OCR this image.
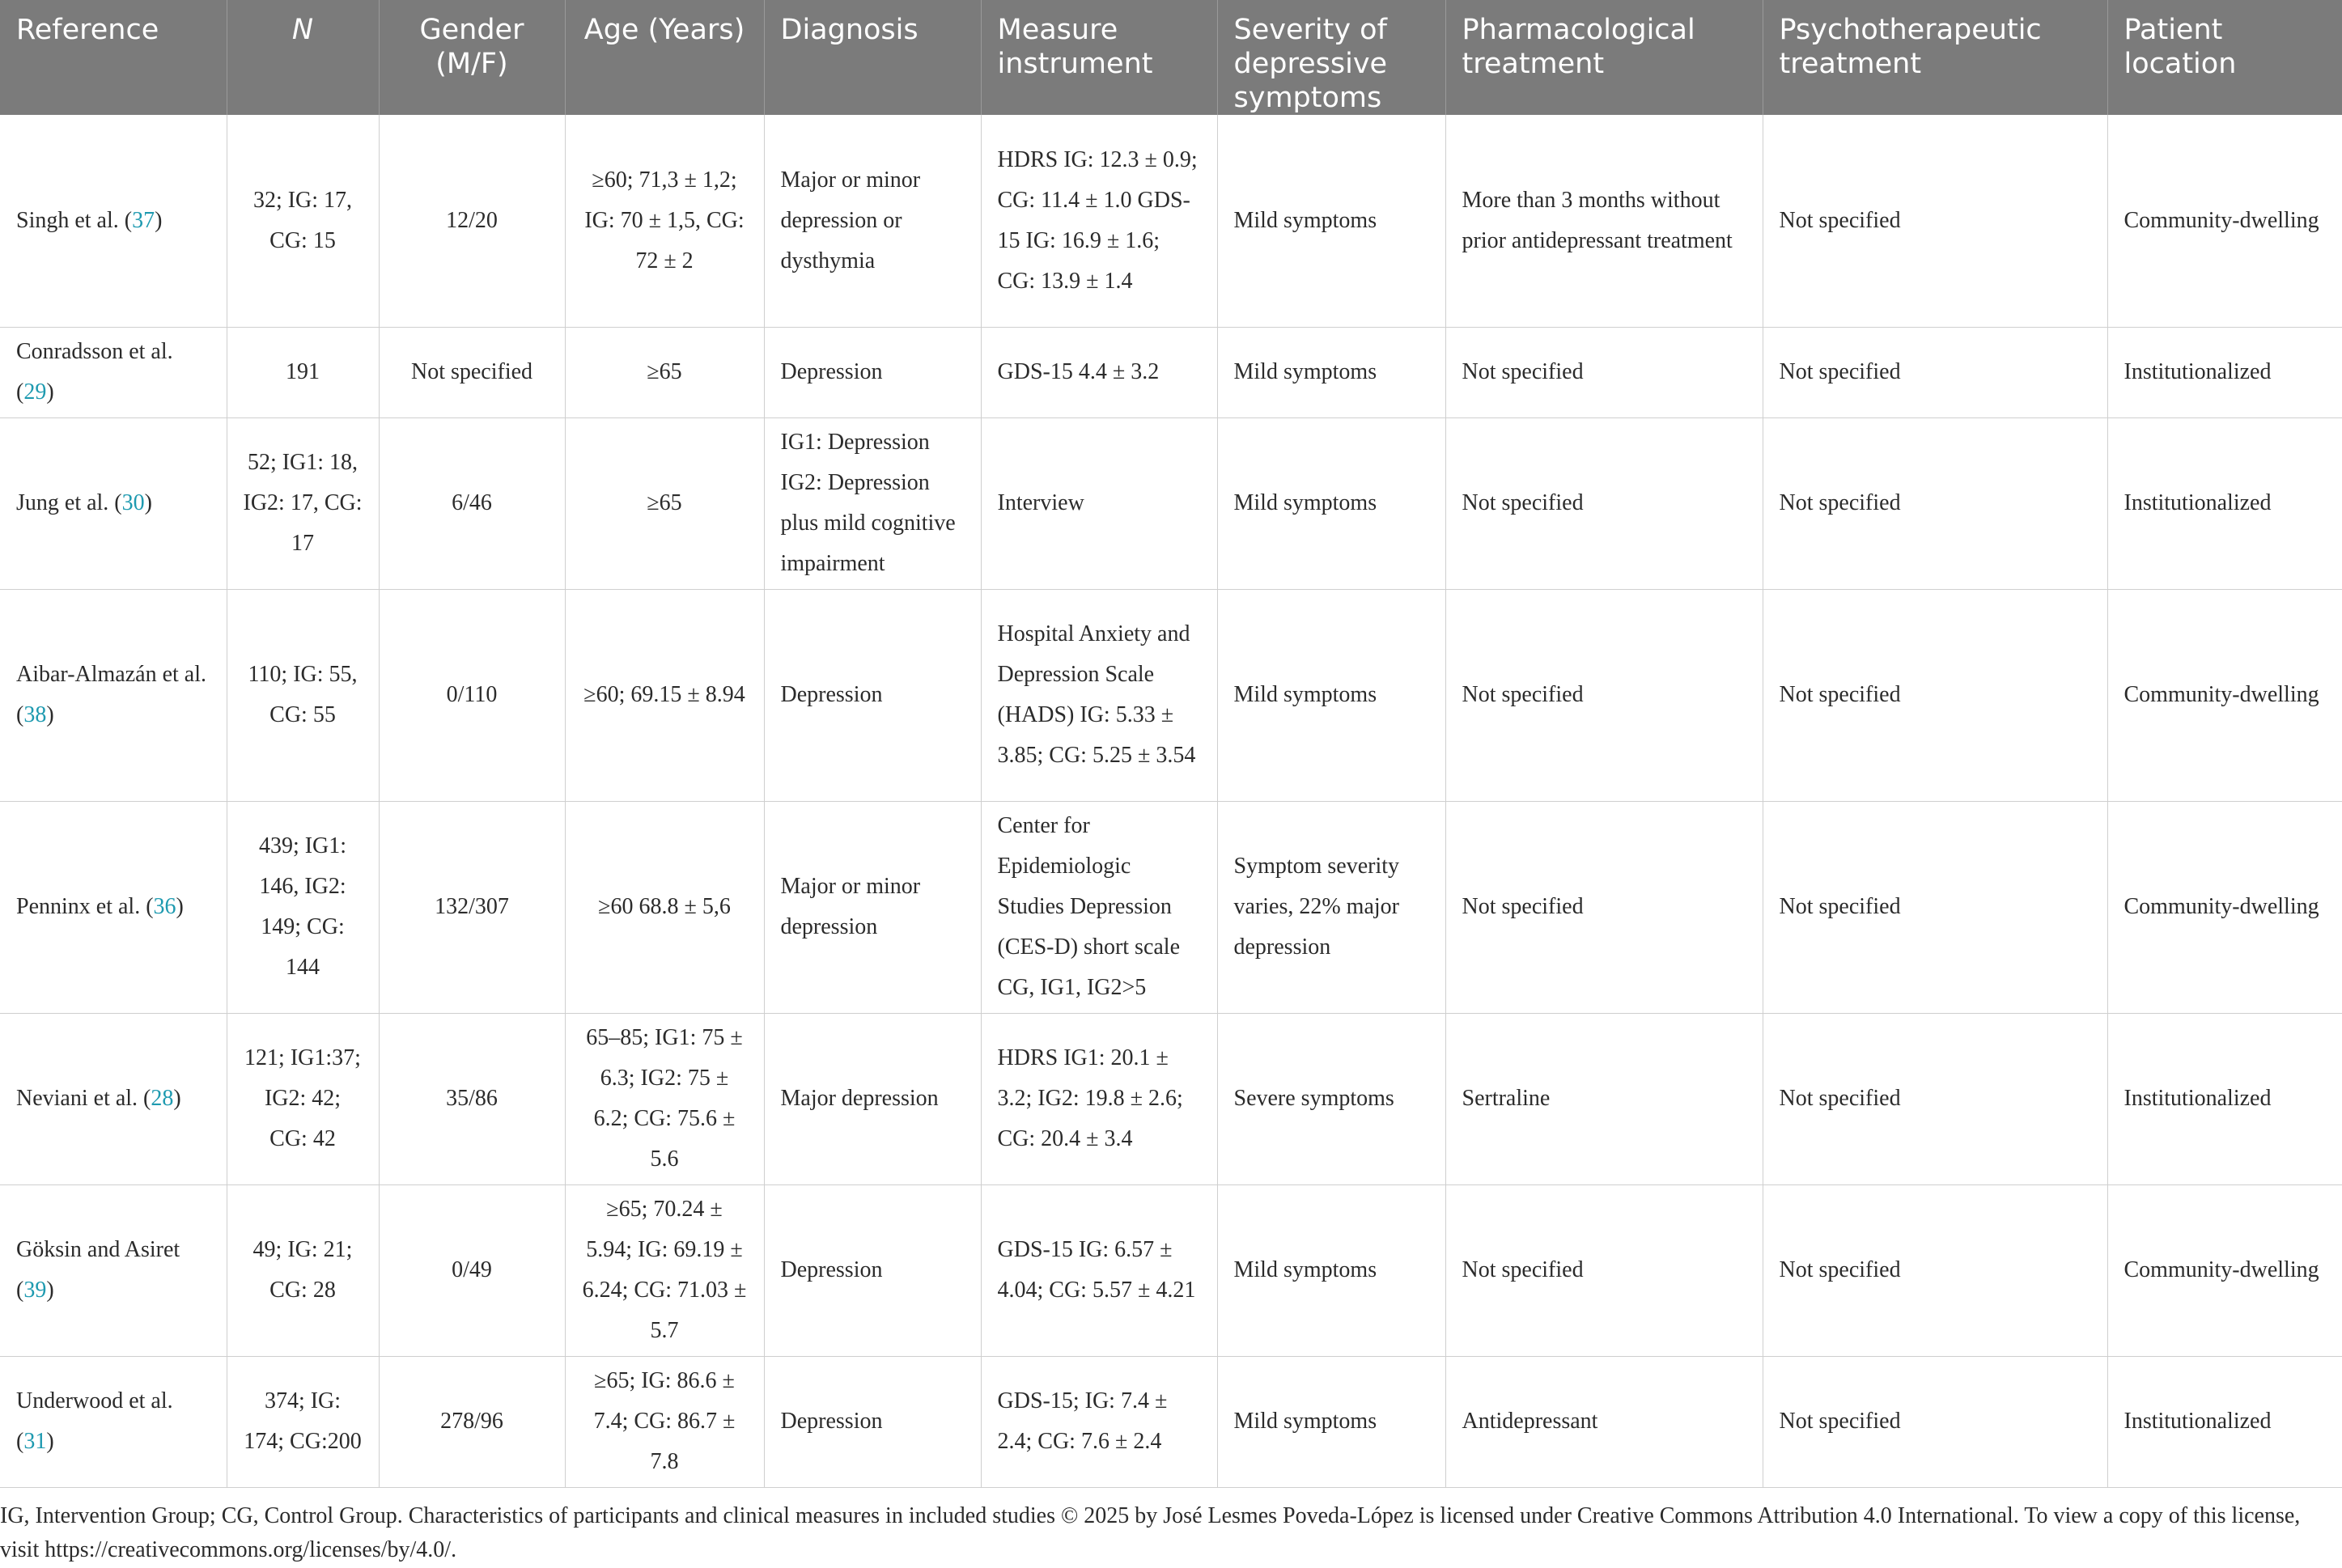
Reference	N	Gender (M/F)	Age (Years)	Diagnosis	Measure instrument	Severity of depressive symptoms	Pharmacological treatment	Psychotherapeutic treatment	Patient location
Singh et al. (37)	32; IG: 17, CG: 15	12/20	≥60; 71,3 ± 1,2; IG: 70 ± 1,5, CG: 72 ± 2	Major or minor depression or dysthymia	HDRS IG: 12.3 ± 0.9; CG: 11.4 ± 1.0 GDS-15 IG: 16.9 ± 1.6; CG: 13.9 ± 1.4	Mild symptoms	More than 3 months without prior antidepressant treatment	Not specified	Community-dwelling
Conradsson et al. (29)	191	Not specified	≥65	Depression	GDS-15 4.4 ± 3.2	Mild symptoms	Not specified	Not specified	Institutionalized
Jung et al. (30)	52; IG1: 18, IG2: 17, CG: 17	6/46	≥65	IG1: Depression IG2: Depression plus mild cognitive impairment	Interview	Mild symptoms	Not specified	Not specified	Institutionalized
Aibar-Almazán et al. (38)	110; IG: 55, CG: 55	0/110	≥60; 69.15 ± 8.94	Depression	Hospital Anxiety and Depression Scale (HADS) IG: 5.33 ± 3.85; CG: 5.25 ± 3.54	Mild symptoms	Not specified	Not specified	Community-dwelling
Penninx et al. (36)	439; IG1: 146, IG2: 149; CG: 144	132/307	≥60 68.8 ± 5,6	Major or minor depression	Center for Epidemiologic Studies Depression (CES-D) short scale CG, IG1, IG2>5	Symptom severity varies, 22% major depression	Not specified	Not specified	Community-dwelling
Neviani et al. (28)	121; IG1:37; IG2: 42; CG: 42	35/86	65–85; IG1: 75 ± 6.3; IG2: 75 ± 6.2; CG: 75.6 ± 5.6	Major depression	HDRS IG1: 20.1 ± 3.2; IG2: 19.8 ± 2.6; CG: 20.4 ± 3.4	Severe symptoms	Sertraline	Not specified	Institutionalized
Göksin and Asiret (39)	49; IG: 21; CG: 28	0/49	≥65; 70.24 ± 5.94; IG: 69.19 ± 6.24; CG: 71.03 ± 5.7	Depression	GDS-15 IG: 6.57 ± 4.04; CG: 5.57 ± 4.21	Mild symptoms	Not specified	Not specified	Community-dwelling
Underwood et al. (31)	374; IG: 174; CG:200	278/96	≥65; IG: 86.6 ± 7.4; CG: 86.7 ± 7.8	Depression	GDS-15; IG: 7.4 ± 2.4; CG: 7.6 ± 2.4	Mild symptoms	Antidepressant	Not specified	Institutionalized
IG, Intervention Group; CG, Control Group. Characteristics of participants and clinical measures in included studies © 2025 by José Lesmes Poveda-López is licensed under Creative Commons Attribution 4.0 International. To view a copy of this license, visit https://creativecommons.org/licenses/by/4.0/.
